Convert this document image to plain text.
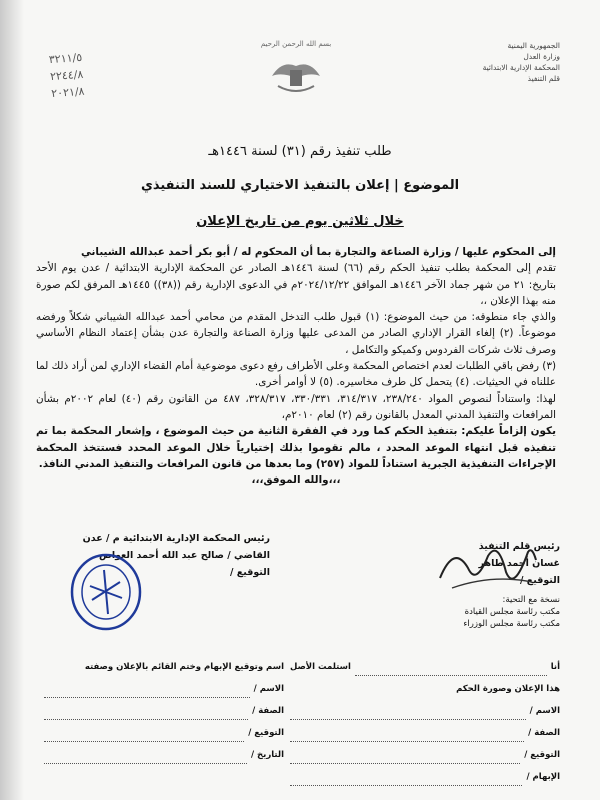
٣٢١١/٥
٢٢٤٤/٨
٢٠٢١/٨
بسم الله الرحمن الرحيم	الجمهورية اليمنية
وزارة العدل
المحكمة الإدارية الابتدائية
قلم التنفيذ
طلب تنفيذ رقم (٣١) لسنة ١٤٤٦هـ
الموضوع | إعلان بالتنفيذ الاختياري للسند التنفيذي
خلال ثلاثين يوم من تاريخ الإعلان

إلى المحكوم عليها / وزارة الصناعة والتجارة بما أن المحكوم له / أبو بكر أحمد عبدالله الشيباني

تقدم إلى المحكمة بطلب تنفيذ الحكم رقم (٦٦) لسنة ١٤٤٦هـ الصادر عن المحكمة الإدارية الابتدائية / عدن يوم الأحد بتاريخ: ٢١ من شهر جماد الآخر ١٤٤٦هـ الموافق ٢٠٢٤/١٢/٢٢م في الدعوى الإدارية رقم ((٣٨)) ١٤٤٥هـ المرفق لكم صورة منه بهذا الإعلان ،،

والذي جاء منطوقه: من حيث الموضوع: (١) قبول طلب التدخل المقدم من محامي أحمد عبدالله الشيباني شكلاً ورفضه موضوعاً. (٢) إلغاء القرار الإداري الصادر من المدعى عليها وزارة الصناعة والتجارة عدن بشأن إعتماد النظام الأساسي وصرف ثلاث شركات الفردوس وكميكو والتكامل ،

(٣) رفض باقي الطلبات لعدم اختصاص المحكمة وعلى الأطراف رفع دعوى موضوعية أمام القضاء الإداري لمن أراد ذلك لما عللناه في الحيثيات. (٤) يتحمل كل طرف مخاسيره. (٥) لا أوامر أخرى.

لهذا: واستناداً لنصوص المواد ٢٣٨/٢٤٠، ٣١٤/٣١٧، ٣٣٠/٣٣١، ٣٢٨/٣١٧، ٤٨٧ من القانون رقم (٤٠) لعام ٢٠٠٢م بشأن المرافعات والتنفيذ المدني المعدل بالقانون رقم (٢) لعام ٢٠١٠م،

يكون إلزاماً عليكم: بتنفيذ الحكم كما ورد في الفقرة الثانية من حيث الموضوع ، وإشعار المحكمة بما تم تنفيذه قبل انتهاء الموعد المحدد ، مالم تقوموا بذلك إختيارياً خلال الموعد المحدد فستتخذ المحكمة الإجراءات التنفيذية الجبرية استناداً للمواد (٢٥٧) وما بعدها من قانون المرافعات والتنفيذ المدني النافذ.

،،،والله الموفق،،،

رئيس المحكمة الإدارية الابتدائية م / عدن
القاضي / صالح عبد الله أحمد العواص
التوقيع /
رئيس قلم التنفيذ
غسان أحمد طاهر
التوقيع /
نسخة مع التحية:
مكتب رئاسة مجلس القيادة
مكتب رئاسة مجلس الوزراء
أنا
استلمت الأصل
هذا الإعلان وصورة الحكم
الاسم /
الصفة /
التوقيع /
الإبهام /
اسم وتوقيع الإبهام وختم القائم بالإعلان وصفته
الاسم /
الصفة /
التوقيع /
التاريخ /
